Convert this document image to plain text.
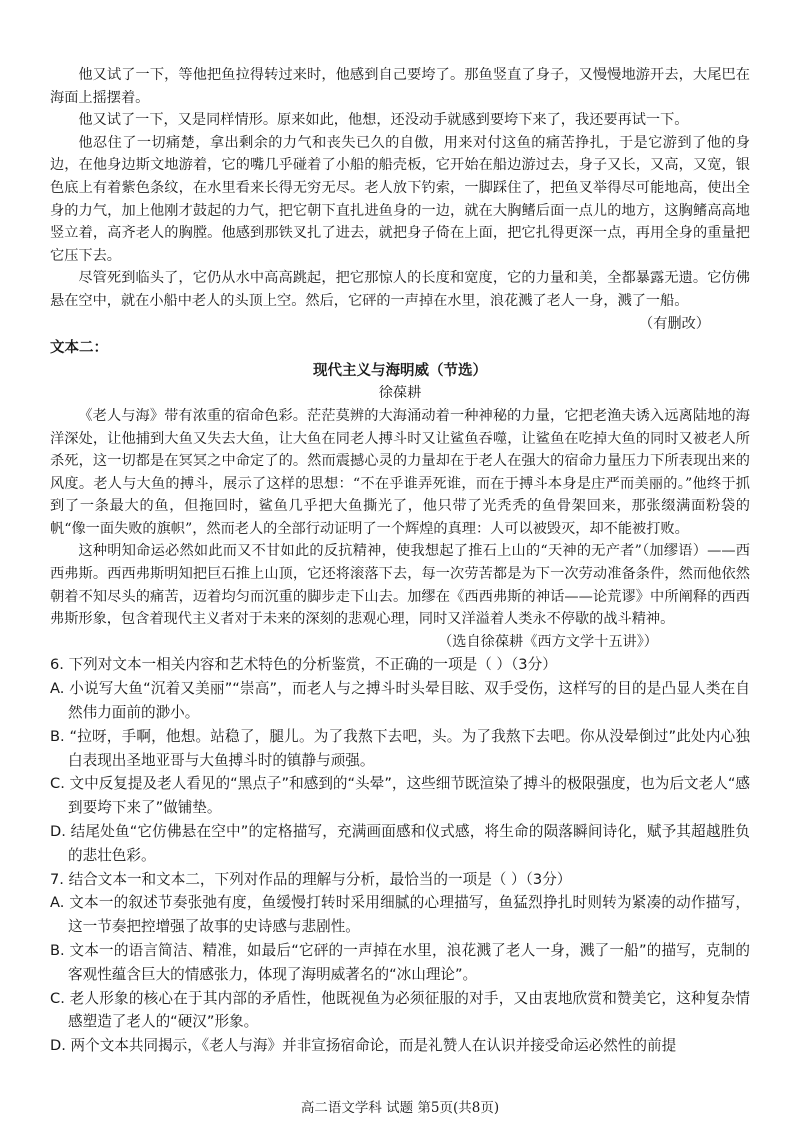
他又试了一下，等他把鱼拉得转过来时，他感到自己要垮了。那鱼竖直了身子，又慢慢地游开去，大尾巴在海面上摇摆着。

他又试了一下，又是同样情形。原来如此，他想，还没动手就感到要垮下来了，我还要再试一下。

他忍住了一切痛楚，拿出剩余的力气和丧失已久的自傲，用来对付这鱼的痛苦挣扎，于是它游到了他的身边，在他身边斯文地游着，它的嘴几乎碰着了小船的船壳板，它开始在船边游过去，身子又长，又高，又宽，银色底上有着紫色条纹，在水里看来长得无穷无尽。老人放下钓索，一脚踩住了，把鱼叉举得尽可能地高，使出全身的力气，加上他刚才鼓起的力气，把它朝下直扎进鱼身的一边，就在大胸鳍后面一点儿的地方，这胸鳍高高地竖立着，高齐老人的胸膛。他感到那铁叉扎了进去，就把身子倚在上面，把它扎得更深一点，再用全身的重量把它压下去。

尽管死到临头了，它仍从水中高高跳起，把它那惊人的长度和宽度，它的力量和美，全都暴露无遗。它仿佛悬在空中，就在小船中老人的头顶上空。然后，它砰的一声掉在水里，浪花溅了老人一身，溅了一船。

（有删改）

文本二：

现代主义与海明威（节选）

徐葆耕

《老人与海》带有浓重的宿命色彩。茫茫莫辨的大海涌动着一种神秘的力量，它把老渔夫诱入远离陆地的海洋深处，让他捕到大鱼又失去大鱼，让大鱼在同老人搏斗时又让鲨鱼吞噬，让鲨鱼在吃掉大鱼的同时又被老人所杀死，这一切都是在冥冥之中命定了的。然而震撼心灵的力量却在于老人在强大的宿命力量压力下所表现出来的风度。老人与大鱼的搏斗，展示了这样的思想：“不在乎谁弄死谁，而在于搏斗本身是庄严而美丽的。”他终于抓到了一条最大的鱼，但拖回时，鲨鱼几乎把大鱼撕光了，他只带了光秃秃的鱼骨架回来，那张缀满面粉袋的帆“像一面失败的旗帜”，然而老人的全部行动证明了一个辉煌的真理：人可以被毁灭，却不能被打败。

这种明知命运必然如此而又不甘如此的反抗精神，使我想起了推石上山的“天神的无产者”（加缪语）——西西弗斯。西西弗斯明知把巨石推上山顶，它还将滚落下去，每一次劳苦都是为下一次劳动准备条件，然而他依然朝着不知尽头的痛苦，迈着均匀而沉重的脚步走下山去。加缪在《西西弗斯的神话——论荒谬》中所阐释的西西弗斯形象，包含着现代主义者对于未来的深刻的悲观心理，同时又洋溢着人类永不停歇的战斗精神。

（选自徐葆耕《西方文学十五讲》）

6. 下列对文本一相关内容和艺术特色的分析鉴赏，不正确的一项是（ ）（3分）

A. 小说写大鱼“沉着又美丽”“崇高”，而老人与之搏斗时头晕目眩、双手受伤，这样写的目的是凸显人类在自然伟力面前的渺小。

B. “拉呀，手啊，他想。站稳了，腿儿。为了我熬下去吧，头。为了我熬下去吧。你从没晕倒过”此处内心独白表现出圣地亚哥与大鱼搏斗时的镇静与顽强。

C. 文中反复提及老人看见的“黑点子”和感到的“头晕”，这些细节既渲染了搏斗的极限强度，也为后文老人“感到要垮下来了”做铺垫。

D. 结尾处鱼“它仿佛悬在空中”的定格描写，充满画面感和仪式感，将生命的陨落瞬间诗化，赋予其超越胜负的悲壮色彩。

7. 结合文本一和文本二，下列对作品的理解与分析，最恰当的一项是（ ）（3分）

A. 文本一的叙述节奏张弛有度，鱼缓慢打转时采用细腻的心理描写，鱼猛烈挣扎时则转为紧凑的动作描写，这一节奏把控增强了故事的史诗感与悲剧性。

B. 文本一的语言简洁、精准，如最后“它砰的一声掉在水里，浪花溅了老人一身，溅了一船”的描写，克制的客观性蕴含巨大的情感张力，体现了海明威著名的“冰山理论”。

C. 老人形象的核心在于其内部的矛盾性，他既视鱼为必须征服的对手，又由衷地欣赏和赞美它，这种复杂情感塑造了老人的“硬汉”形象。

D. 两个文本共同揭示，《老人与海》并非宣扬宿命论，而是礼赞人在认识并接受命运必然性的前提

高二语文学科 试题 第5页(共8页)
